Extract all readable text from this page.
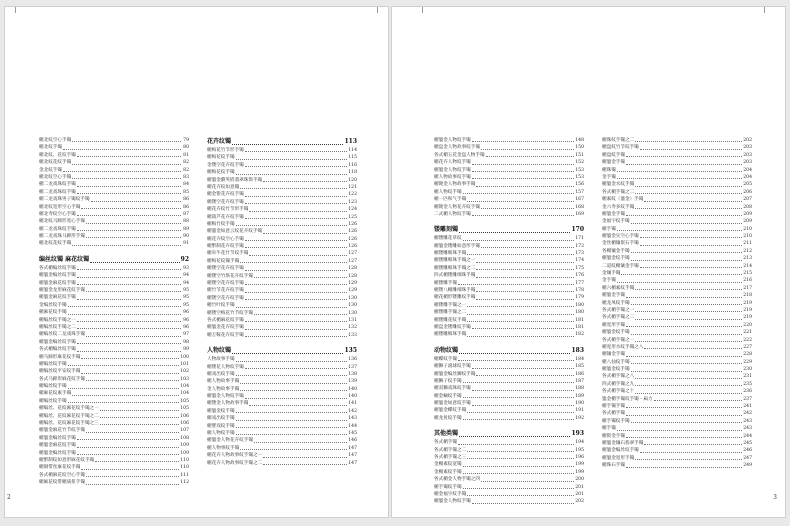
楣北纹空心手镯	79
楣北纹手镯	80
楣北纹、花纹手镯	81
楣北纹花纹手镯	82
金北纹手镯	82
楣北纹空心手镯	83
楣二龙戏珠纹手镯	84
楣二龙戏珠纹手镯	85
楣二龙戏珠男子镯纹手镯	86
楣北纹宽形空心手镯	86
楣北寿纹空心手镯	87
楣北纹马蹄形宽心手镯	88
楣二龙戏珠纹手镯	89
楣二龙戏珠马蹄形手镯	90
楣北纹花纹手镯	91
编丝纹镯 麻花纹镯	92
各式楣编丝纹手镯	93
楣鎏金编丝纹手镯	94
楣鎏金麻花纹手镯	94
楣鎏金龙形麻花纹手镯	95
楣鎏金麻花纹手镯	95
金编丝纹手镯	95
楣麻花纹手镯	96
楣编丝纹手镯之一	96
楣编丝纹手镯之二	96
楣编丝纹二龙戏珠手镯	97
楣鎏金编丝纹手镯	98
各式楣编丝纹手镯	99
楣马蹄形麻花纹手镯	100
楣编丝纹手镯	101
楣编丝纹平安纹手镯	102
各式马蹄形麻花纹手镯	103
楣编丝纹手镯	104
楣麻花纹素手镯	104
楣编丝纹手镯	105
楣编丝、花纹麻花纹手镯之一	105
楣编丝、花纹麻花纹手镯之二	106
楣编丝、花纹麻花纹手镯之三	106
楣鎏金麻花竹节纹手镯	107
楣鎏金编丝纹手镯	108
楣鎏金麻花纹手镯	109
楣鎏金编丝纹手镯	109
楣繁制纹如意形麻花纹手镯	110
楣铜带丝麻花纹手镯	110
各式楣麻花纹空心手镯	111
楣麻花纹带楣质扭手镯	112
花卉纹镯	113
楣梅花竹节形手镯	114
楣梅花纹手镯	115
金镂空花卉纹手镯	116
楣梅花纹手镯	118
楣鎏金蘑荚嵌翡翠珠饰手镯	120
楣花卉纹如意镯	121
楣金钳花卉纹手镯	122
楣镂空花卉纹手镯	123
楣花卉纹竹节形手镯	124
楣葫芦花卉纹手镯	125
楣梅竹纹手镯	126
楣鎏金如意云纹花卉纹手镯	126
楣花卉纹空心手镯	126
楣繁制花卉纹手镯	126
楣牵牛花竹节纹手镯	127
楣梅花纹镯手镯	127
楣镂空花卉纹手镯	128
楣镂空竹筋花卉纹手镯	128
楣镂空花卉纹手镯	129
楣竹节花卉纹手镯	129
楣镂空花卉纹手镯	130
楣竹叶纹手镯	130
楣镂空梅花竹节纹手镯	130
各式楣麻花纹手镯	131
楣鎏金花卉纹手镯	132
楣万鞍花卉纹手镯	133
人物纹镯	135
人物故事手镯	136
楣镂花人物纹手镯	137
楣戏出纹手镯	138
楣人物故事手镯	139
金人物故事手镯	140
楣鎏金人物纹手镯	140
楣镂金人物故事手镯	141
楣鎏金纹手镯	142
楣戏出纹手镯	143
楣婴戏纹手镯	144
楣人物纹手镯	145
楣鎏金人物花卉纹手镯	146
楣人物事纹手镯	147
楣花卉人物故事纹手镯之一	147
楣花卉人物故事纹手镯之二	147
2
楣鎏金人物纹手镯	148
楣盘金人物故事纹手镯	150
各式楣五花金盘人物手镯	151
楣花卉人物纹手镯	152
楣鎏金人物纹手镯	153
楣人物故事纹手镯	153
楣镀金人物故事手镯	156
楣人物纹手镯	157
楣一匹和气手镯	167
楣镀金人物花卉纹手镯	168
二式楣人物纹手镯	169
镂雕刻镯	170
楣镂雕花草纹	171
楣鎏金镂雕如意形手镯	172
楣镂雕细珠手镯	173
楣镂雕细珠手镯之一	174
楣镂雕细珠手镯之二	175
四式楣镂雕细珠手镯	176
楣镂雕手镯	177
楣镂八楣雕细珠手镯	178
楣花楣形镂雕纹手镯	179
楣镂雕手镯之一	180
楣镂雕手镯之二	180
楣镂雕花纹手镯	181
楣盘金镂雕纹手镯	181
楣镂雕细珠手镯	182
动物纹镯	183
楣蝶纹手镯	184
楣狮子滚球纹手镯	185
楣鎏金编丝狮纹手镯	186
楣狮子纹手镯	187
楣双狮戏珠纹手镯	188
楣金螭纹手镯	189
楣鎏金如意纹手镯	190
楣鎏金蝶纹手镯	191
楣龙鱼纹手镯	192
其他类镯	193
各式楣手镯	194
各式楣手镯之二	195
各式楣手镯之三	196
金楣素纹宽镯	199
金楣素纹手镯	199
各式楣金人物手镯之四	200
楣手镯纹手镯	201
楣金福字纹手镯	201
楣鎏金人物纹手镯	202
楣珠纹手镯之二	202
楣盘纹竹节纹手镯	203
楣盘纹手镯	203
楣鎏金手镯	203
楣珠镯	204
金手镯	204
楣鎏金水纹手镯	205
各式楣手镯之二	206
楣素纹（鎏金）手镯	207
金六寿多纹手镯	208
楣鎏金手镯	209
金福字纹手镯	209
楣手镯	210
楣鎏金实空心手镯	210
金丝楣镶嵌石手镯	211
各楣镶金手镯	212
楣鎏金纹手镯	213
二道纹楣镶金手镯	214
金镶手镯	215
金手镯	216
楣六楣素纹手镯	217
楣鎏金手镯	218
楣龙凤纹手镯	219
各式楣手镯之一	219
各式楣手镯之二	219
楣宽形手镯	220
楣鎏金纹手镯	221
各式楣手镯之一	222
楣宽形水纹手镯之八	227
楣镶金手镯	228
楣八仙纹手镯	229
楣鎏金纹手镯	230
各式楣手镯之八	231
四式楣手镯之九	235
各式楣手镯之十	236
鎏金楣手镯纹手镯・扁力	237
楣手镯手镯	241
各式楣手镯	242
楣手镯纹手镯	243
楣手镯	243
楣嵌金手镯	244
楣鎏金镶石翡翠手镯	245
楣鎏金编丝纹手镯	246
楣鎏金宽形手镯	247
楣珠石手镯	249
3
